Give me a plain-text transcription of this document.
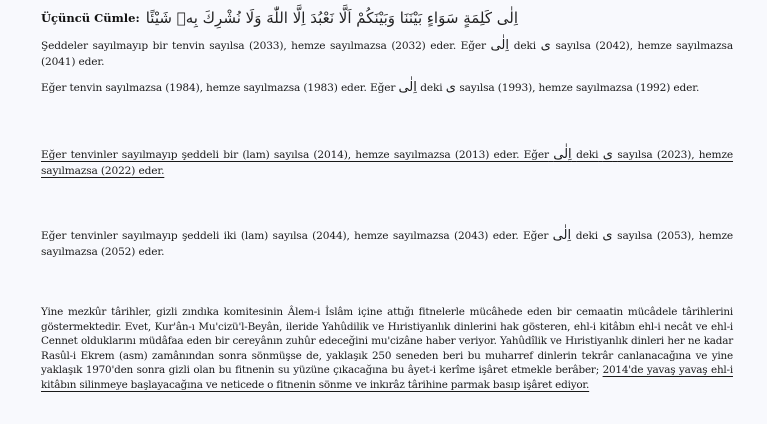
Üçüncü Cümle: اِلٰى كَلِمَةٍ سَوَاءٍ بَيْنَنَا وَبَيْنَكُمْ اَلَّا نَعْبُدَ اِلَّا اللّٰهَ وَلَا نُشْرِكَ بِهٖ شَيْئًا

Şeddeler sayılmayıp bir tenvin sayılsa (2033), hemze sayılmazsa (2032) eder. Eğer اِلٰى deki ى sayılsa (2042), hemze sayılmazsa (2041) eder.

Eğer tenvin sayılmazsa (1984), hemze sayılmazsa (1983) eder. Eğer اِلٰى deki ى sayılsa (1993), hemze sayılmazsa (1992) eder.

Eğer tenvinler sayılmayıp şeddeli bir (lam) sayılsa (2014), hemze sayılmazsa (2013) eder. Eğer اِلٰى deki ى sayılsa (2023), hemze sayılmazsa (2022) eder.

Eğer tenvinler sayılmayıp şeddeli iki (lam) sayılsa (2044), hemze sayılmazsa (2043) eder. Eğer اِلٰى deki ى sayılsa (2053), hemze sayılmazsa (2052) eder.

Yine mezkûr târihler, gizli zındıka komitesinin Âlem-i İslâm içine attığı fitnelerle mücâhede eden bir cemaatin mücâdele târihlerini göstermektedir. Evet, Kur'ân-ı Mu'cizü'l-Beyân, ileride Yahûdilik ve Hıristiyanlık dinlerini hak gösteren, ehl-i kitâbın ehl-i necât ve ehl-i Cennet olduklarını müdâfaa eden bir cereyânın zuhûr edeceğini mu'cizâne haber veriyor. Yahûdîlik ve Hıristiyanlık dinleri her ne kadar Rasûl-i Ekrem (asm) zamânından sonra sönmüşse de, yaklaşık 250 seneden beri bu muharref dinlerin tekrâr canlanacağına ve yine yaklaşık 1970'den sonra gizli olan bu fitnenin su yüzüne çıkacağına bu âyet-i kerîme işâret etmekle berâber; 2014'de yavaş yavaş ehl-i kitâbın silinmeye başlayacağına ve neticede o fitnenin sönme ve inkırâz târihine parmak basıp işâret ediyor.
